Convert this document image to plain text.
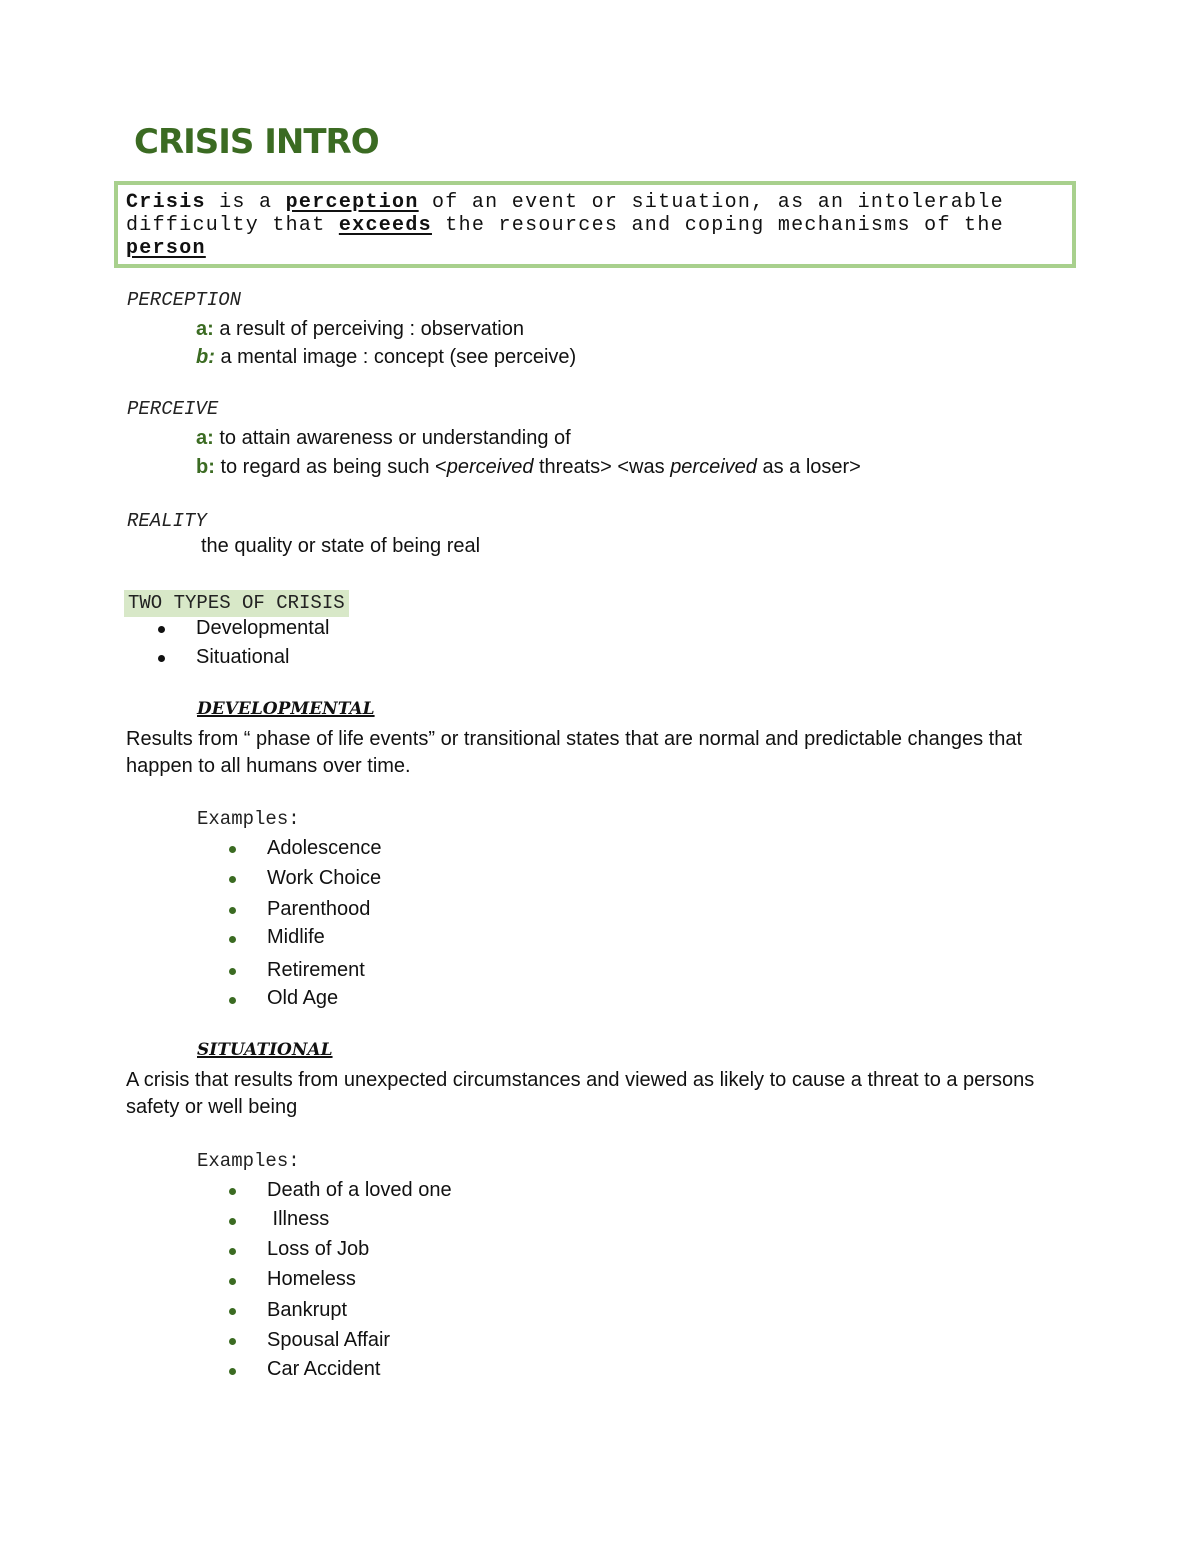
CRISIS INTRO
Crisis is a perception of an event or situation, as an intolerable
difficulty that exceeds the resources and coping mechanisms of the
person
PERCEPTION
a: a result of perceiving : observation
b: a mental image : concept (see perceive)
PERCEIVE
a: to attain awareness or understanding of
b: to regard as being such <perceived threats> <was perceived as a loser>
REALITY
the quality or state of being real
TWO TYPES OF CRISIS
Developmental
Situational
DEVELOPMENTAL
Results from “ phase of life events” or transitional states that are normal and predictable changes that
happen to all humans over time.
Examples:
Adolescence
Work Choice
Parenthood
Midlife
Retirement
Old Age
SITUATIONAL
A crisis that results from unexpected circumstances and viewed as likely to cause a threat to a persons
safety or well being
Examples:
Death of a loved one
Illness
Loss of Job
Homeless
Bankrupt
Spousal Affair
Car Accident
